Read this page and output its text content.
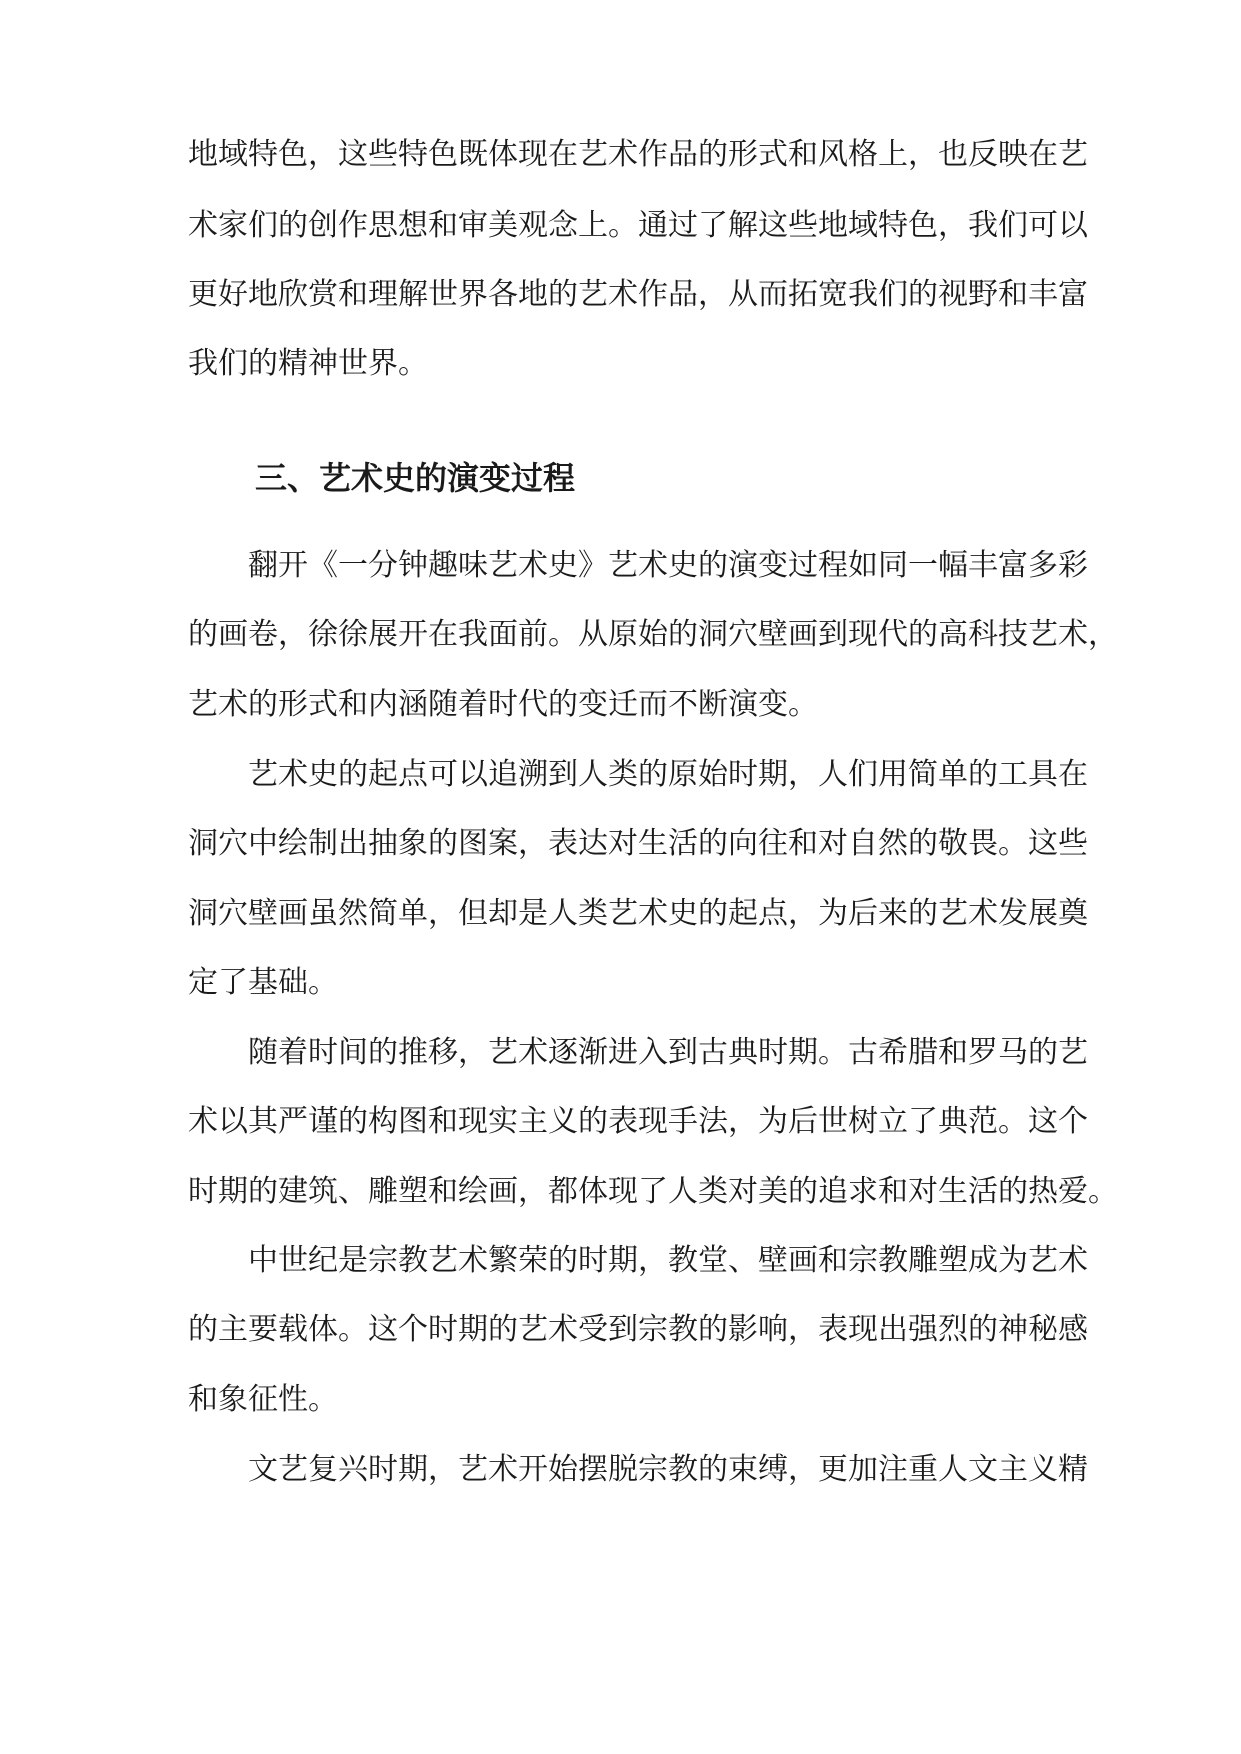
地域特色，这些特色既体现在艺术作品的形式和风格上，也反映在艺
术家们的创作思想和审美观念上。通过了解这些地域特色，我们可以
更好地欣赏和理解世界各地的艺术作品，从而拓宽我们的视野和丰富
我们的精神世界。
三、艺术史的演变过程
翻开《一分钟趣味艺术史》艺术史的演变过程如同一幅丰富多彩
的画卷，徐徐展开在我面前。从原始的洞穴壁画到现代的高科技艺术，
艺术的形式和内涵随着时代的变迁而不断演变。
艺术史的起点可以追溯到人类的原始时期，人们用简单的工具在
洞穴中绘制出抽象的图案，表达对生活的向往和对自然的敬畏。这些
洞穴壁画虽然简单，但却是人类艺术史的起点，为后来的艺术发展奠
定了基础。
随着时间的推移，艺术逐渐进入到古典时期。古希腊和罗马的艺
术以其严谨的构图和现实主义的表现手法，为后世树立了典范。这个
时期的建筑、雕塑和绘画，都体现了人类对美的追求和对生活的热爱。
中世纪是宗教艺术繁荣的时期，教堂、壁画和宗教雕塑成为艺术
的主要载体。这个时期的艺术受到宗教的影响，表现出强烈的神秘感
和象征性。
文艺复兴时期，艺术开始摆脱宗教的束缚，更加注重人文主义精
